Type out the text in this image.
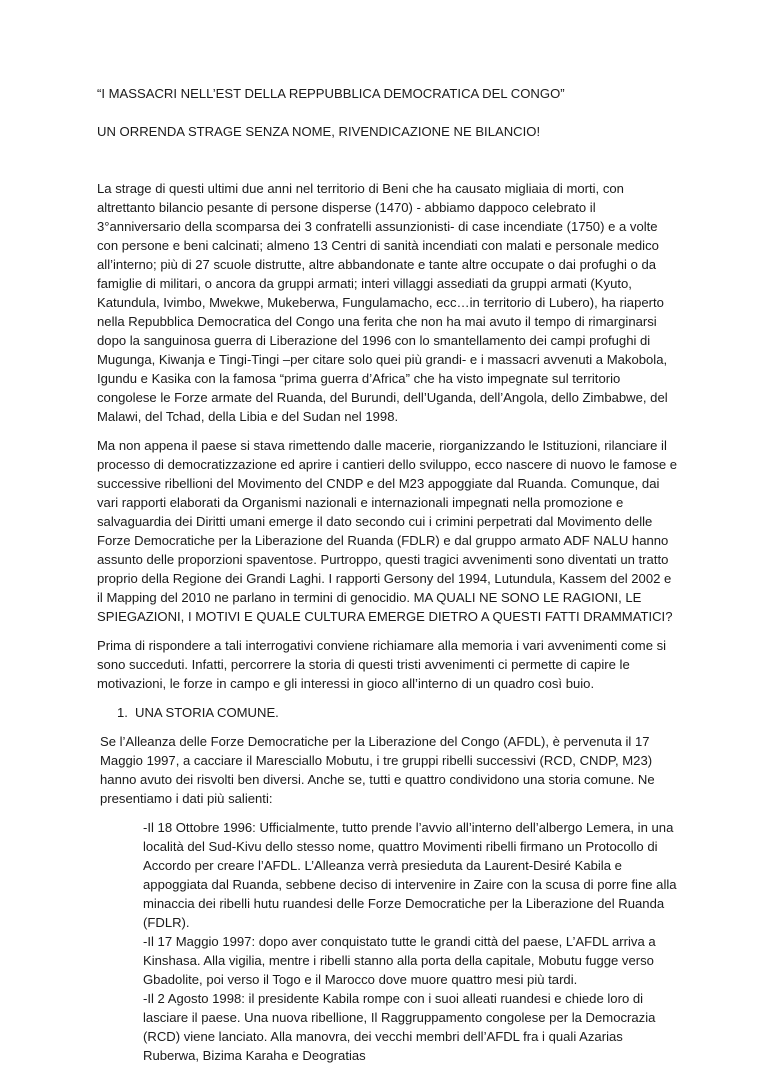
“I MASSACRI NELL’EST DELLA REPPUBBLICA DEMOCRATICA DEL CONGO”

UN ORRENDA STRAGE SENZA NOME, RIVENDICAZIONE NE BILANCIO!

La strage di questi ultimi due anni nel territorio di Beni che ha causato migliaia di morti, con altrettanto bilancio pesante di persone disperse (1470) - abbiamo dappoco celebrato il 3°anniversario della scomparsa dei 3 confratelli assunzionisti- di case incendiate (1750) e a volte con persone e beni calcinati; almeno 13 Centri di sanità incendiati con malati e personale medico all’interno; più di 27 scuole distrutte, altre abbandonate e tante altre occupate o dai profughi o da famiglie di militari, o ancora da gruppi armati; interi villaggi assediati da gruppi armati (Kyuto, Katundula, Ivimbo, Mwekwe, Mukeberwa, Fungulamacho, ecc…in territorio di Lubero), ha riaperto nella Repubblica Democratica del Congo una ferita che non ha mai avuto il tempo di rimarginarsi dopo la sanguinosa guerra di Liberazione del 1996 con lo smantellamento dei campi profughi di Mugunga, Kiwanja e Tingi-Tingi –per citare solo quei più grandi- e i massacri avvenuti a Makobola, Igundu e Kasika con la famosa “prima guerra d’Africa” che ha visto impegnate sul territorio congolese le Forze armate del Ruanda, del Burundi, dell’Uganda, dell’Angola, dello Zimbabwe, del Malawi, del Tchad, della Libia e del Sudan nel 1998.

Ma non appena il paese si stava rimettendo dalle macerie, riorganizzando le Istituzioni, rilanciare il processo di democratizzazione ed aprire i cantieri dello sviluppo, ecco nascere di nuovo le famose e successive ribellioni del Movimento del CNDP e del M23 appoggiate dal Ruanda. Comunque, dai vari rapporti elaborati da Organismi nazionali e internazionali impegnati nella promozione e salvaguardia dei Diritti umani emerge il dato secondo cui i crimini perpetrati dal Movimento delle Forze Democratiche per la Liberazione del Ruanda (FDLR) e dal gruppo armato ADF NALU hanno assunto delle proporzioni spaventose. Purtroppo, questi tragici avvenimenti sono diventati un tratto proprio della Regione dei Grandi Laghi. I rapporti Gersony del 1994, Lutundula, Kassem del 2002 e il Mapping del 2010 ne parlano in termini di genocidio. MA QUALI NE SONO LE RAGIONI, LE SPIEGAZIONI, I MOTIVI E QUALE CULTURA EMERGE DIETRO A QUESTI FATTI DRAMMATICI?

Prima di rispondere a tali interrogativi conviene richiamare alla memoria i vari avvenimenti come si sono succeduti. Infatti, percorrere la storia di questi tristi avvenimenti ci permette di capire le motivazioni, le forze in campo e gli interessi in gioco all’interno di un quadro così buio.

1. UNA STORIA COMUNE.

Se l’Alleanza delle Forze Democratiche per la Liberazione del Congo (AFDL), è pervenuta il 17 Maggio 1997, a cacciare il Maresciallo Mobutu, i tre gruppi ribelli successivi (RCD, CNDP, M23) hanno avuto dei risvolti ben diversi. Anche se, tutti e quattro condividono una storia comune. Ne presentiamo i dati più salienti:

-Il 18 Ottobre 1996: Ufficialmente, tutto prende l’avvio all’interno dell’albergo Lemera, in una località del Sud-Kivu dello stesso nome, quattro Movimenti ribelli firmano un Protocollo di Accordo per creare l’AFDL. L’Alleanza verrà presieduta da Laurent-Desiré Kabila e appoggiata dal Ruanda, sebbene deciso di intervenire in Zaire con la scusa di porre fine alla minaccia dei ribelli hutu ruandesi delle Forze Democratiche per la Liberazione del Ruanda (FDLR).

-Il 17 Maggio 1997: dopo aver conquistato tutte le grandi città del paese, L’AFDL arriva a Kinshasa. Alla vigilia, mentre i ribelli stanno alla porta della capitale, Mobutu fugge verso Gbadolite, poi verso il Togo e il Marocco dove muore quattro mesi più tardi.

-Il 2 Agosto 1998: il presidente Kabila rompe con i suoi alleati ruandesi e chiede loro di lasciare il paese. Una nuova ribellione, Il Raggruppamento congolese per la Democrazia (RCD) viene lanciato. Alla manovra, dei vecchi membri dell’AFDL fra i quali Azarias Ruberwa, Bizima Karaha e Deogratias
